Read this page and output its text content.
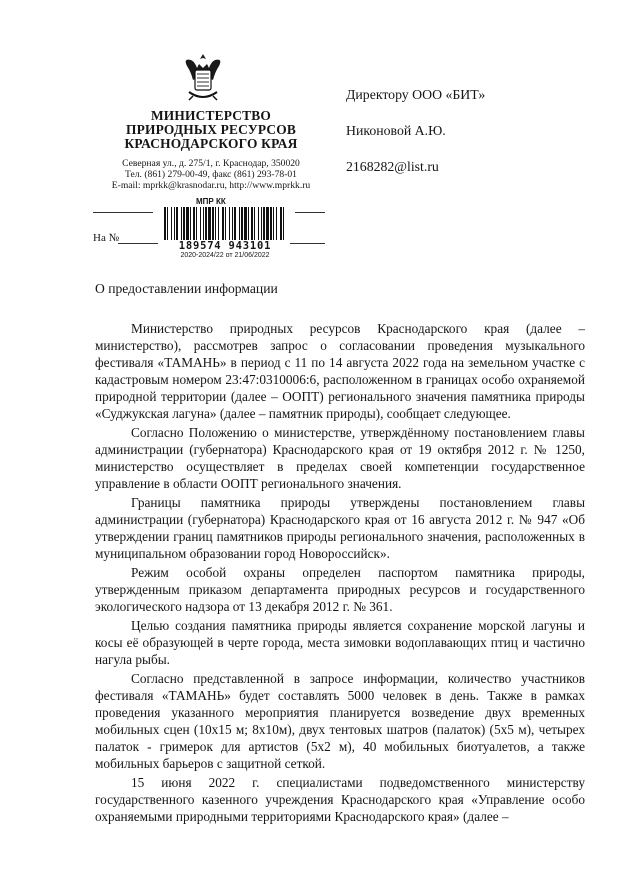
МИНИСТЕРСТВО
ПРИРОДНЫХ РЕСУРСОВ
КРАСНОДАРСКОГО КРАЯ
Северная ул., д. 275/1, г. Краснодар, 350020
Тел. (861) 279-00-49, факс (861) 293-78-01
E-mail: mprkk@krasnodar.ru, http://www.mprkk.ru
МПР КК
На №
189574 943101
2020-2024/22 от 21/06/2022
Директору ООО «БИТ»
Никоновой А.Ю.
2168282@list.ru
О предоставлении информации

Министерство природных ресурсов Краснодарского края (далее – министерство), рассмотрев запрос о согласовании проведения музыкального фестиваля «ТАМАНЬ» в период с 11 по 14 августа 2022 года на земельном участке с кадастровым номером 23:47:0310006:6, расположенном в границах особо охраняемой природной территории (далее – ООПТ) регионального значения памятника природы «Суджукская лагуна» (далее – памятник природы), сообщает следующее.

Согласно Положению о министерстве, утверждённому постановлением главы администрации (губернатора) Краснодарского края от 19 октября 2012 г. № 1250, министерство осуществляет в пределах своей компетенции государственное управление в области ООПТ регионального значения.

Границы памятника природы утверждены постановлением главы администрации (губернатора) Краснодарского края от 16 августа 2012 г. № 947 «Об утверждении границ памятников природы регионального значения, расположенных в муниципальном образовании город Новороссийск».

Режим особой охраны определен паспортом памятника природы, утвержденным приказом департамента природных ресурсов и государственного экологического надзора от 13 декабря 2012 г. № 361.

Целью создания памятника природы является сохранение морской лагуны и косы её образующей в черте города, места зимовки водоплавающих птиц и частично нагула рыбы.

Согласно представленной в запросе информации, количество участников фестиваля «ТАМАНЬ» будет составлять 5000 человек в день. Также в рамках проведения указанного мероприятия планируется возведение двух временных мобильных сцен (10х15 м; 8х10м), двух тентовых шатров (палаток) (5х5 м), четырех палаток - гримерок для артистов (5х2 м), 40 мобильных биотуалетов, а также мобильных барьеров с защитной сеткой.

15 июня 2022 г. специалистами подведомственного министерству государственного казенного учреждения Краснодарского края «Управление особо охраняемыми природными территориями Краснодарского края» (далее –
